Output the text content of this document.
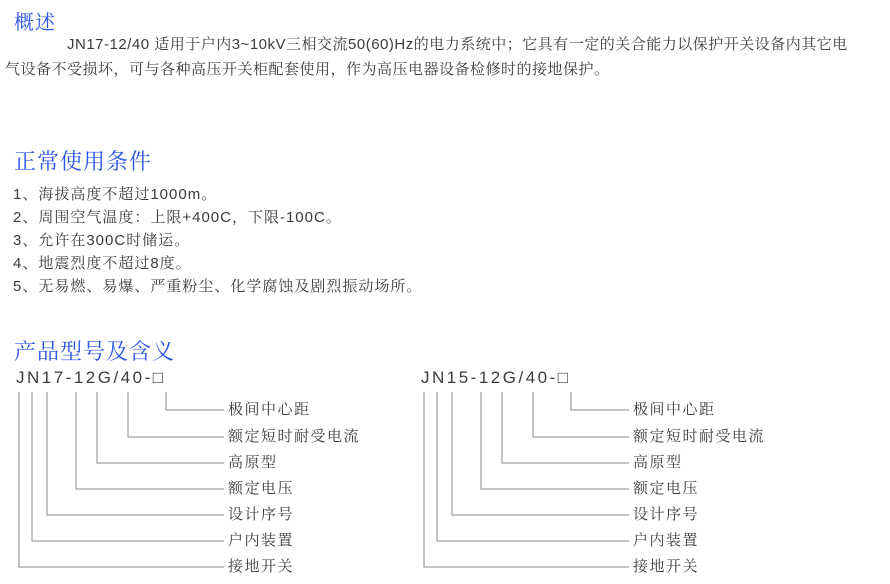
概述

JN17-12/40 适用于户内3~10kV三相交流50(60)Hz的电力系统中；它具有一定的关合能力以保护开关设备内其它电气设备不受损坏，可与各种高压开关柜配套使用，作为高压电器设备检修时的接地保护。

正常使用条件
1、海拔高度不超过1000m。
2、周围空气温度：上限+400C，下限-100C。
3、允许在300C时储运。
4、地震烈度不超过8度。
5、无易燃、易爆、严重粉尘、化学腐蚀及剧烈振动场所。
产品型号及含义
JN17-12G/40-□
极间中心距
额定短时耐受电流
高原型
额定电压
设计序号
户内装置
接地开关
JN15-12G/40-□
极间中心距
额定短时耐受电流
高原型
额定电压
设计序号
户内装置
接地开关
